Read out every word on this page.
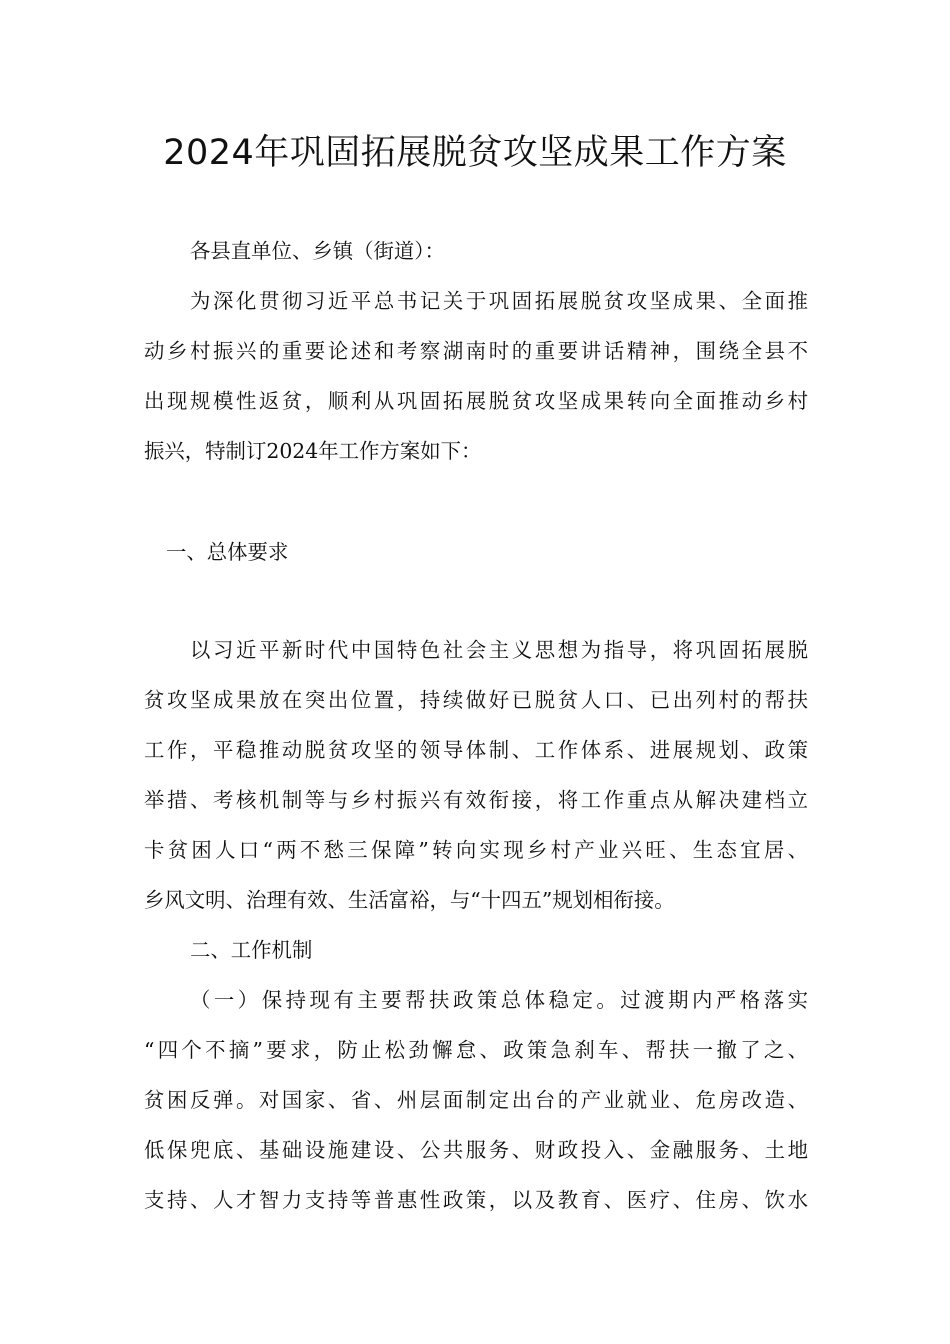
2024年巩固拓展脱贫攻坚成果工作方案
各县直单位、乡镇（街道）：
为深化贯彻习近平总书记关于巩固拓展脱贫攻坚成果、全面推
动乡村振兴的重要论述和考察湖南时的重要讲话精神，围绕全县不
出现规模性返贫，顺利从巩固拓展脱贫攻坚成果转向全面推动乡村
振兴，特制订2024年工作方案如下：
一、总体要求
以习近平新时代中国特色社会主义思想为指导，将巩固拓展脱
贫攻坚成果放在突出位置，持续做好已脱贫人口、已出列村的帮扶
工作，平稳推动脱贫攻坚的领导体制、工作体系、进展规划、政策
举措、考核机制等与乡村振兴有效衔接，将工作重点从解决建档立
卡贫困人口“两不愁三保障”转向实现乡村产业兴旺、生态宜居、
乡风文明、治理有效、生活富裕，与“十四五”规划相衔接。
二、工作机制
（一）保持现有主要帮扶政策总体稳定。过渡期内严格落实
“四个不摘”要求，防止松劲懈怠、政策急刹车、帮扶一撤了之、
贫困反弹。对国家、省、州层面制定出台的产业就业、危房改造、
低保兜底、基础设施建设、公共服务、财政投入、金融服务、土地
支持、人才智力支持等普惠性政策，以及教育、医疗、住房、饮水
